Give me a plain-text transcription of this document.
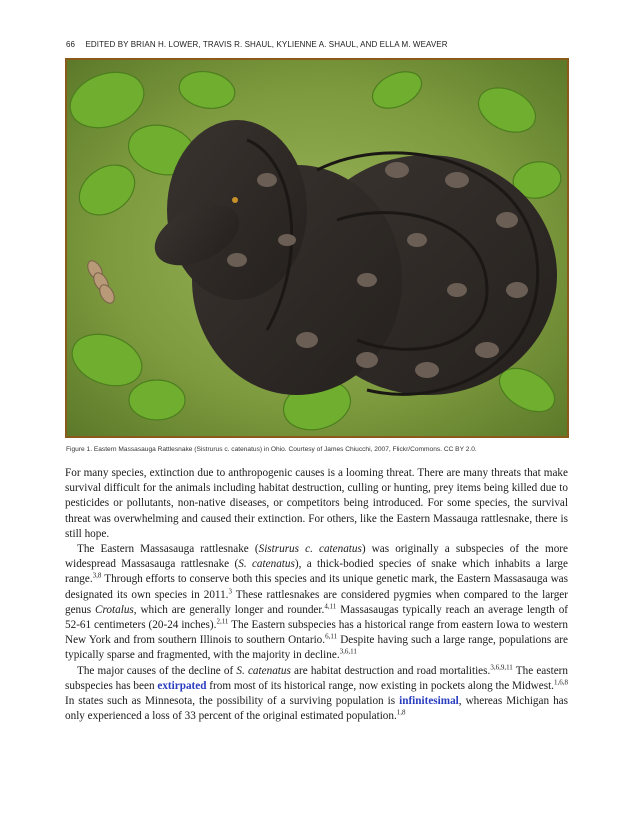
66 EDITED BY BRIAN H. LOWER, TRAVIS R. SHAUL, KYLIENNE A. SHAUL, AND ELLA M. WEAVER
Figure 1. Eastern Massasauga Rattlesnake (Sistrurus c. catenatus) in Ohio. Courtesy of James Chiucchi, 2007, Flickr/Commons. CC BY 2.0.

For many species, extinction due to anthropogenic causes is a looming threat. There are many threats that make survival difficult for the animals including habitat destruction, culling or hunting, prey items being killed due to pesticides or pollutants, non-native diseases, or competitors being introduced. For some species, the survival threat was overwhelming and caused their extinction. For others, like the Eastern Massauga rattlesnake, there is still hope.

The Eastern Massasauga rattlesnake (Sistrurus c. catenatus) was originally a subspecies of the more widespread Massasauga rattlesnake (S. catenatus), a thick-bodied species of snake which inhabits a large range.$^{3,8}$ Through efforts to conserve both this species and its unique genetic mark, the Eastern Massasauga was designated its own species in 2011.$^3$ These rattlesnakes are considered pygmies when compared to the larger genus Crotalus, which are generally longer and rounder.$^{4,11}$ Massasaugas typically reach an average length of 52-61 centimeters (20-24 inches).$^{2,11}$ The Eastern subspecies has a historical range from eastern Iowa to western New York and from southern Illinois to southern Ontario.$^{6,11}$ Despite having such a large range, populations are typically sparse and fragmented, with the majority in decline.$^{3,6,11}$

The major causes of the decline of S. catenatus are habitat destruction and road mortalities.$^{3,6,9,11}$ The eastern subspecies has been extirpated from most of its historical range, now existing in pockets along the Midwest.$^{1,6,8}$ In states such as Minnesota, the possibility of a surviving population is infinitesimal, whereas Michigan has only experienced a loss of 33 percent of the original estimated population.$^{1,8}$
